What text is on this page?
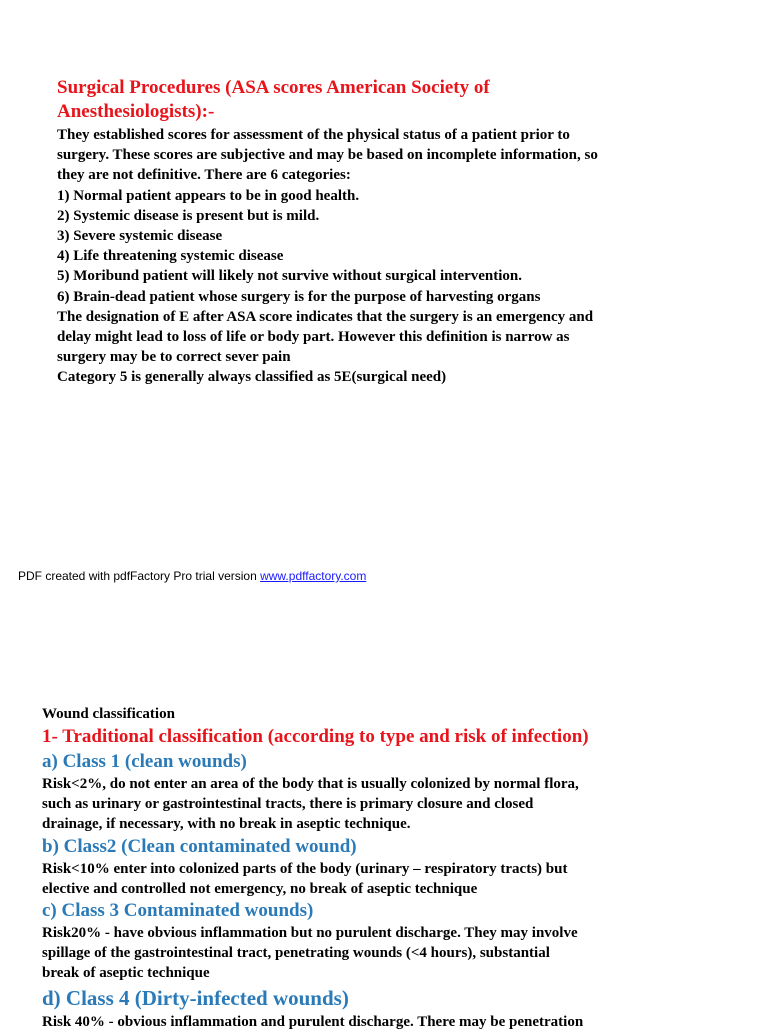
Surgical Procedures (ASA scores American Society of
Anesthesiologists):-
They established scores for assessment of the physical status of a patient prior to
surgery. These scores are subjective and may be based on incomplete information, so
they are not definitive. There are 6 categories:
1) Normal patient appears to be in good health.
2) Systemic disease is present but is mild.
3) Severe systemic disease
4) Life threatening systemic disease
5) Moribund patient will likely not survive without surgical intervention.
6) Brain-dead patient whose surgery is for the purpose of harvesting organs
The designation of E after ASA score indicates that the surgery is an emergency and
delay might lead to loss of life or body part. However this definition is narrow as
surgery may be to correct sever pain
Category 5 is generally always classified as 5E(surgical need)
PDF created with pdfFactory Pro trial version www.pdffactory.com
Wound classification
1- Traditional classification (according to type and risk of infection)
a) Class 1 (clean wounds)
Risk<2%, do not enter an area of the body that is usually colonized by normal flora,
such as urinary or gastrointestinal tracts, there is primary closure and closed
drainage, if necessary, with no break in aseptic technique.
b) Class2 (Clean contaminated wound)
Risk<10% enter into colonized parts of the body (urinary – respiratory tracts) but
elective and controlled not emergency, no break of aseptic technique
c) Class 3 Contaminated wounds)
Risk20% - have obvious inflammation but no purulent discharge. They may involve
spillage of the gastrointestinal tract, penetrating wounds (<4 hours), substantial
break of aseptic technique
d) Class 4 (Dirty-infected wounds)
Risk 40% - obvious inflammation and purulent discharge. There may be penetration
